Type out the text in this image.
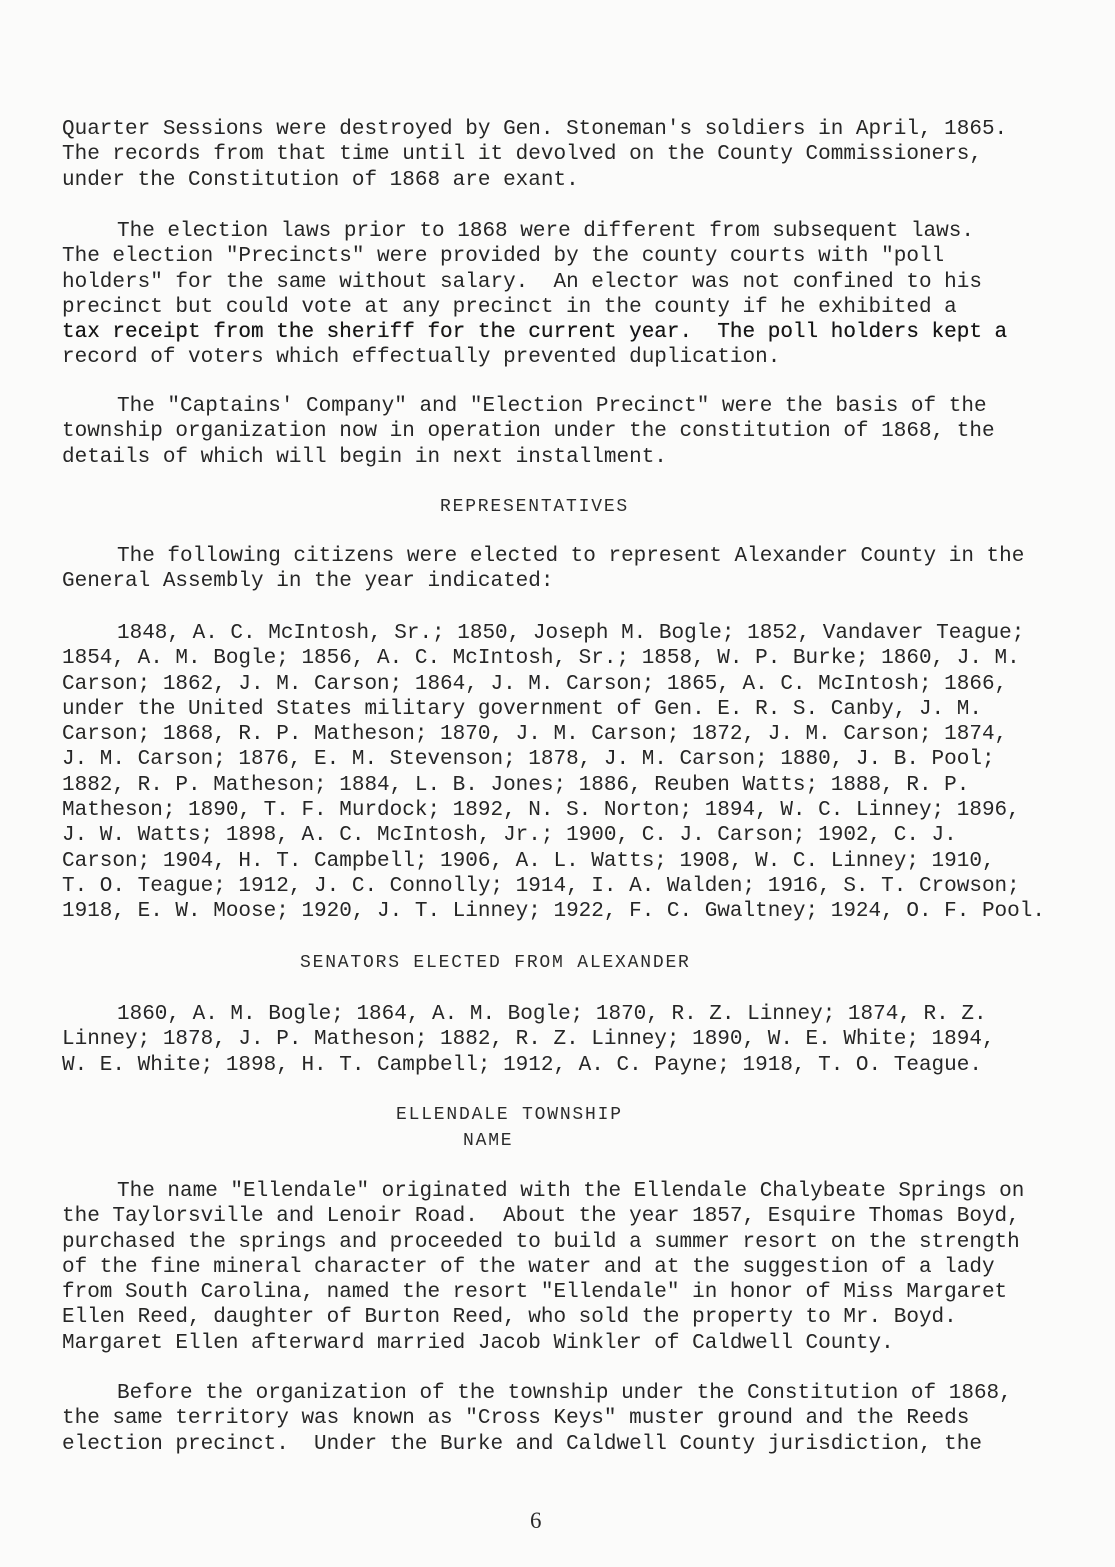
Quarter Sessions were destroyed by Gen. Stoneman's soldiers in April, 1865.
The records from that time until it devolved on the County Commissioners,
under the Constitution of 1868 are exant.
The election laws prior to 1868 were different from subsequent laws.
The election "Precincts" were provided by the county courts with "poll
holders" for the same without salary.  An elector was not confined to his
precinct but could vote at any precinct in the county if he exhibited a
tax receipt from the sheriff for the current year.  The poll holders kept a
record of voters which effectually prevented duplication.
The "Captains' Company" and "Election Precinct" were the basis of the
township organization now in operation under the constitution of 1868, the
details of which will begin in next installment.
REPRESENTATIVES
The following citizens were elected to represent Alexander County in the
General Assembly in the year indicated:
1848, A. C. McIntosh, Sr.; 1850, Joseph M. Bogle; 1852, Vandaver Teague;
1854, A. M. Bogle; 1856, A. C. McIntosh, Sr.; 1858, W. P. Burke; 1860, J. M.
Carson; 1862, J. M. Carson; 1864, J. M. Carson; 1865, A. C. McIntosh; 1866,
under the United States military government of Gen. E. R. S. Canby, J. M.
Carson; 1868, R. P. Matheson; 1870, J. M. Carson; 1872, J. M. Carson; 1874,
J. M. Carson; 1876, E. M. Stevenson; 1878, J. M. Carson; 1880, J. B. Pool;
1882, R. P. Matheson; 1884, L. B. Jones; 1886, Reuben Watts; 1888, R. P.
Matheson; 1890, T. F. Murdock; 1892, N. S. Norton; 1894, W. C. Linney; 1896,
J. W. Watts; 1898, A. C. McIntosh, Jr.; 1900, C. J. Carson; 1902, C. J.
Carson; 1904, H. T. Campbell; 1906, A. L. Watts; 1908, W. C. Linney; 1910,
T. O. Teague; 1912, J. C. Connolly; 1914, I. A. Walden; 1916, S. T. Crowson;
1918, E. W. Moose; 1920, J. T. Linney; 1922, F. C. Gwaltney; 1924, O. F. Pool.
SENATORS ELECTED FROM ALEXANDER
1860, A. M. Bogle; 1864, A. M. Bogle; 1870, R. Z. Linney; 1874, R. Z.
Linney; 1878, J. P. Matheson; 1882, R. Z. Linney; 1890, W. E. White; 1894,
W. E. White; 1898, H. T. Campbell; 1912, A. C. Payne; 1918, T. O. Teague.
ELLENDALE TOWNSHIP
NAME
The name "Ellendale" originated with the Ellendale Chalybeate Springs on
the Taylorsville and Lenoir Road.  About the year 1857, Esquire Thomas Boyd,
purchased the springs and proceeded to build a summer resort on the strength
of the fine mineral character of the water and at the suggestion of a lady
from South Carolina, named the resort "Ellendale" in honor of Miss Margaret
Ellen Reed, daughter of Burton Reed, who sold the property to Mr. Boyd.
Margaret Ellen afterward married Jacob Winkler of Caldwell County.
Before the organization of the township under the Constitution of 1868,
the same territory was known as "Cross Keys" muster ground and the Reeds
election precinct.  Under the Burke and Caldwell County jurisdiction, the
6
